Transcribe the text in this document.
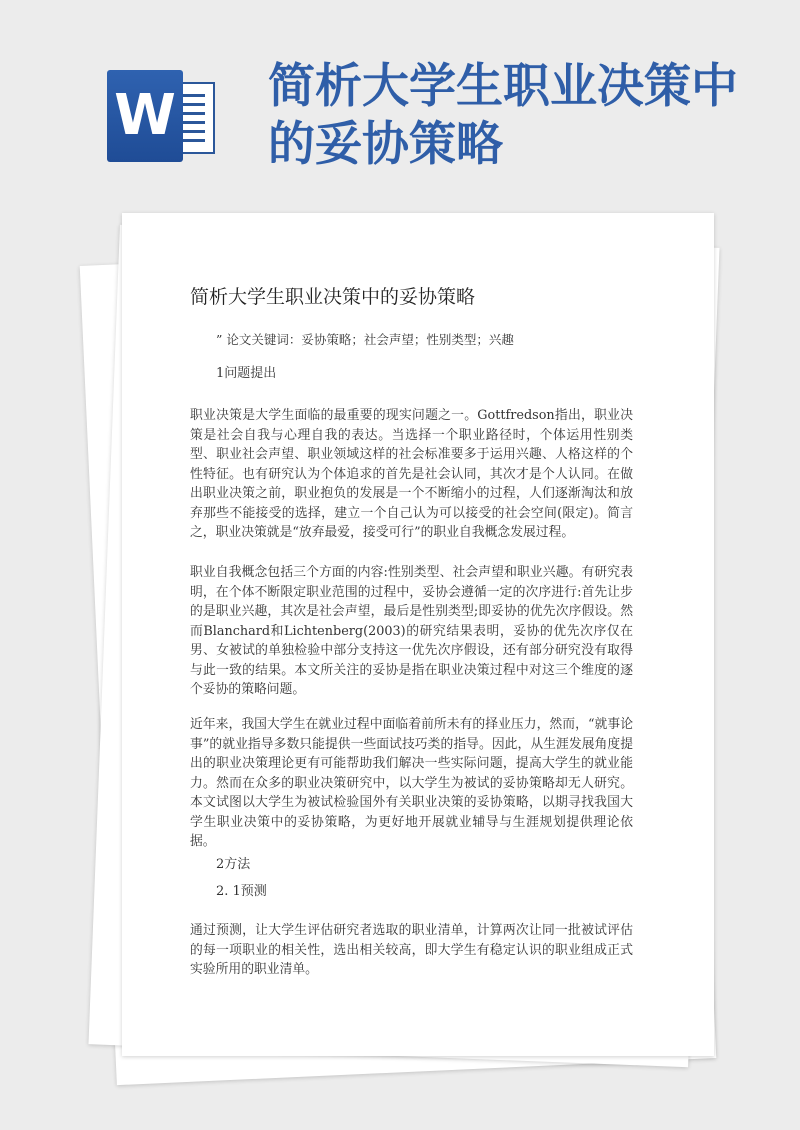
W 简析大学生职业决策中的妥协策略
简析大学生职业决策中的妥协策略
” 论文关键词：妥协策略；社会声望；性别类型；兴趣
1问题提出
职业决策是大学生面临的最重要的现实问题之一。Gottfredson指出，职业决策是社会自我与心理自我的表达。当选择一个职业路径时，个体运用性别类型、职业社会声望、职业领域这样的社会标准要多于运用兴趣、人格这样的个性特征。也有研究认为个体追求的首先是社会认同，其次才是个人认同。在做出职业决策之前，职业抱负的发展是一个不断缩小的过程，人们逐渐淘汰和放弃那些不能接受的选择，建立一个自己认为可以接受的社会空间(限定)。简言之，职业决策就是“放弃最爱，接受可行”的职业自我概念发展过程。
职业自我概念包括三个方面的内容:性别类型、社会声望和职业兴趣。有研究表明，在个体不断限定职业范围的过程中，妥协会遵循一定的次序进行:首先让步的是职业兴趣，其次是社会声望，最后是性别类型;即妥协的优先次序假设。然而Blanchard和Lichtenberg(2003)的研究结果表明，妥协的优先次序仅在男、女被试的单独检验中部分支持这一优先次序假设，还有部分研究没有取得与此一致的结果。本文所关注的妥协是指在职业决策过程中对这三个维度的逐个妥协的策略问题。
近年来，我国大学生在就业过程中面临着前所未有的择业压力，然而，“就事论事”的就业指导多数只能提供一些面试技巧类的指导。因此，从生涯发展角度提出的职业决策理论更有可能帮助我们解决一些实际问题，提高大学生的就业能力。然而在众多的职业决策研究中，以大学生为被试的妥协策略却无人研究。本文试图以大学生为被试检验国外有关职业决策的妥协策略，以期寻找我国大学生职业决策中的妥协策略，为更好地开展就业辅导与生涯规划提供理论依据。
2方法
2. 1预测
通过预测，让大学生评估研究者选取的职业清单，计算两次让同一批被试评估的每一项职业的相关性，选出相关较高，即大学生有稳定认识的职业组成正式实验所用的职业清单。
